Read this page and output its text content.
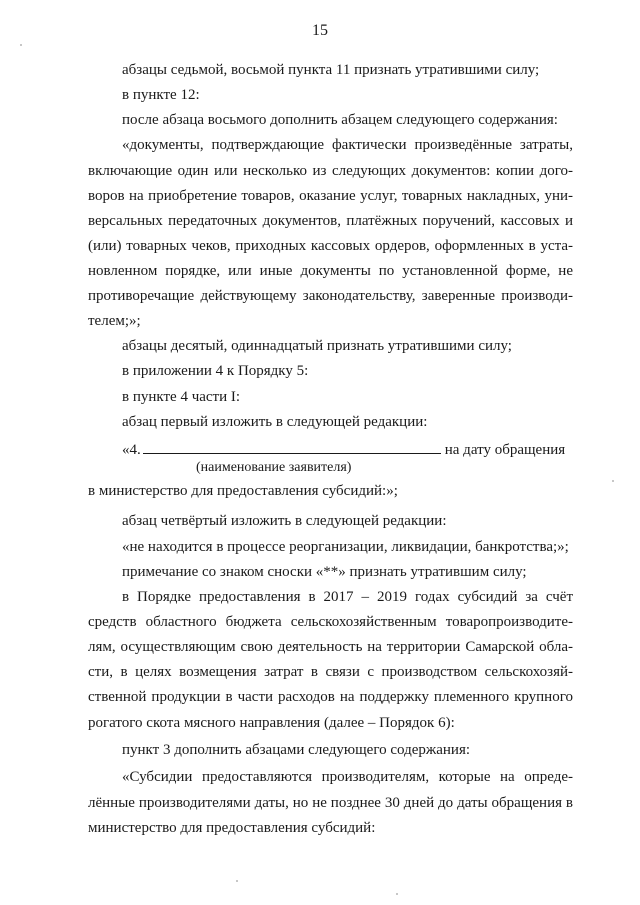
15
абзацы седьмой, восьмой пункта 11 признать утратившими силу;
в пункте 12:
после абзаца восьмого дополнить абзацем следующего содержания:
«документы, подтверждающие фактически произведённые затраты,
включающие один или несколько из следующих документов: копии дого-
воров на приобретение товаров, оказание услуг, товарных накладных, уни-
версальных передаточных документов, платёжных поручений, кассовых и
(или) товарных чеков, приходных кассовых ордеров, оформленных в уста-
новленном порядке, или иные документы по установленной форме, не
противоречащие действующему законодательству, заверенные производи-
телем;»;
абзацы десятый, одиннадцатый признать утратившими силу;
в приложении 4 к Порядку 5:
в пункте 4 части I:
абзац первый изложить в следующей редакции:
«4.	на дату обращения
(наименование заявителя)
в министерство для предоставления субсидий:»;
абзац четвёртый изложить в следующей редакции:
«не находится в процессе реорганизации, ликвидации, банкротства;»;
примечание со знаком сноски «**» признать утратившим силу;
в Порядке предоставления в 2017 – 2019 годах субсидий за счёт
средств областного бюджета сельскохозяйственным товаропроизводите-
лям, осуществляющим свою деятельность на территории Самарской обла-
сти, в целях возмещения затрат в связи с производством сельскохозяй-
ственной продукции в части расходов на поддержку племенного крупного
рогатого скота мясного направления (далее – Порядок 6):
пункт 3 дополнить абзацами следующего содержания:
«Субсидии предоставляются производителям, которые на опреде-
лённые производителями даты, но не позднее 30 дней до даты обращения в
министерство для предоставления субсидий:
